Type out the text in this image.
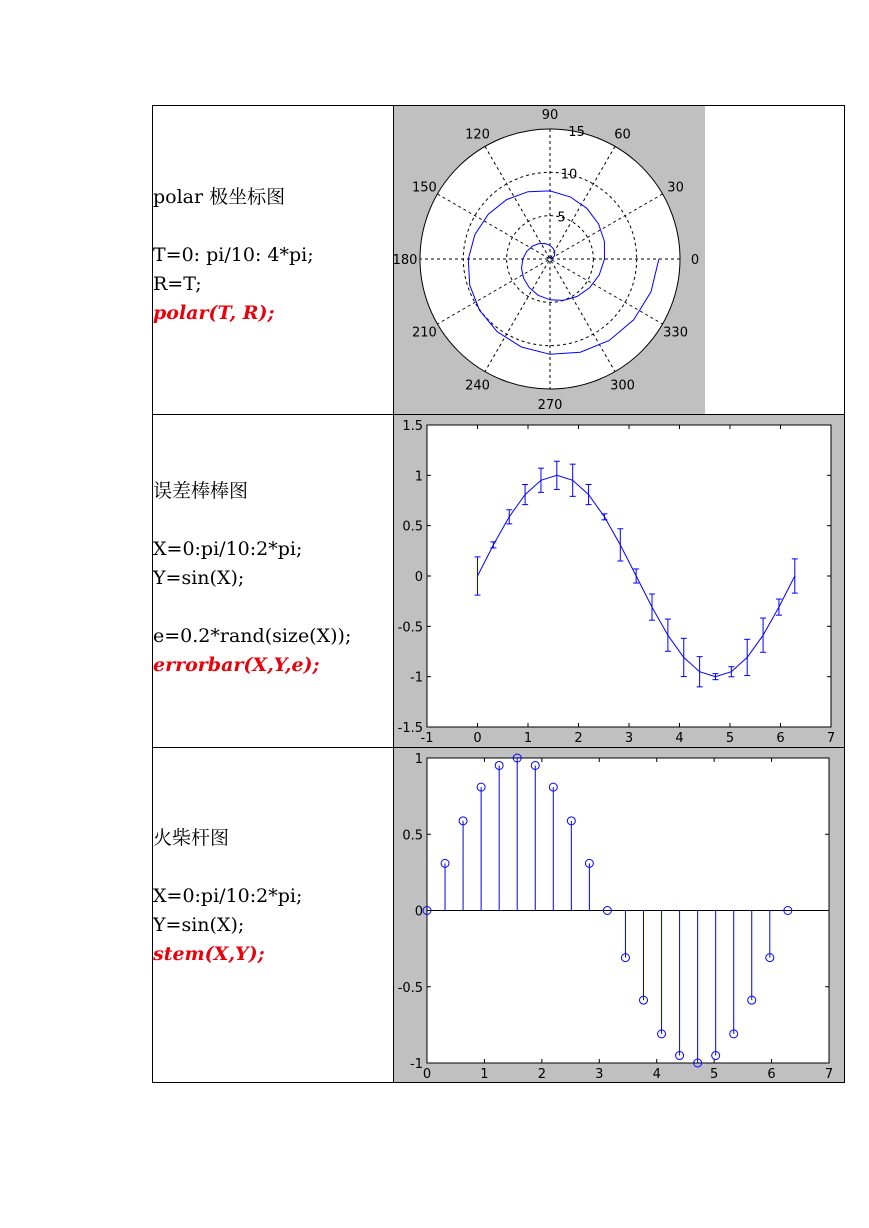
polar 极坐标图
T=0: pi/10: 4*pi;
R=T;
polar(T, R);
误差棒棒图
X=0:pi/10:2*pi;
Y=sin(X);
e=0.2*rand(size(X));
errorbar(X,Y,e);
火柴杆图
X=0:pi/10:2*pi;
Y=sin(X);
stem(X,Y);
0
30
60
90
120
150
180
210
240
270
300
330
5
10
15
-1	0	1	2	3	4	5	6	7
1.5
1
0.5
0
-0.5
-1
-1.5
0	1	2	3	4	5	6	7
1
0.5
0
-0.5
-1
